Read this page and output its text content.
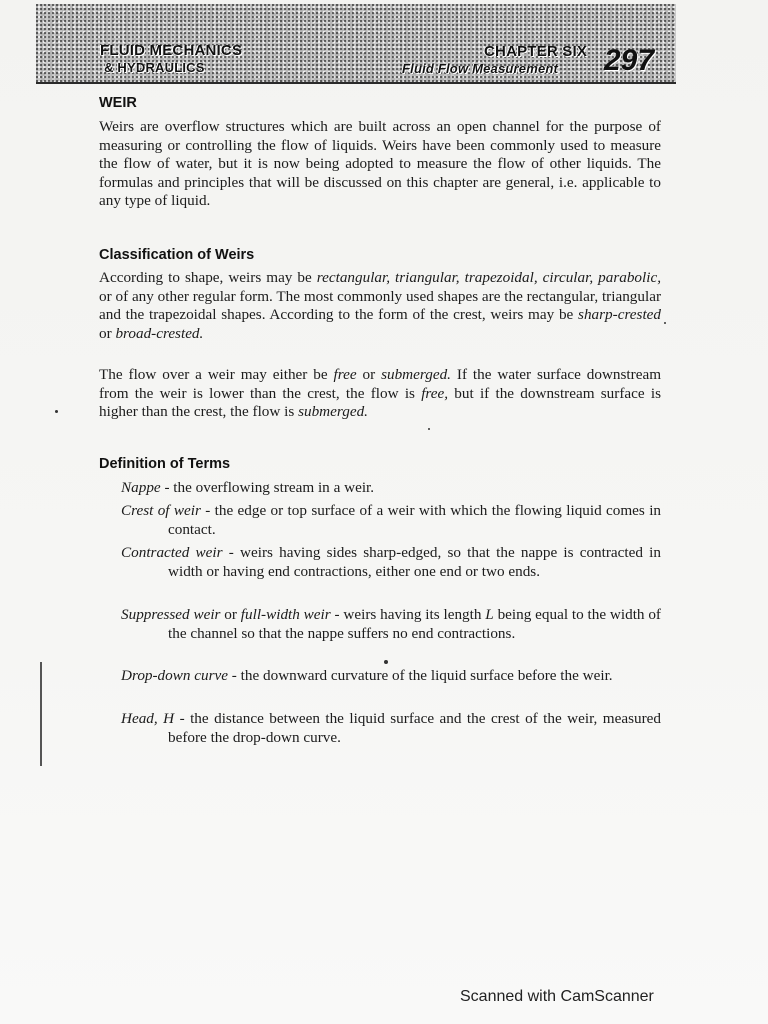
FLUID MECHANICS
& HYDRAULICS
CHAPTER SIX
Fluid Flow Measurement 297
WEIR
Weirs are overflow structures which are built across an open channel for the purpose of measuring or controlling the flow of liquids. Weirs have been commonly used to measure the flow of water, but it is now being adopted to measure the flow of other liquids. The formulas and principles that will be discussed on this chapter are general, i.e. applicable to any type of liquid.
Classification of Weirs
According to shape, weirs may be rectangular, triangular, trapezoidal, circular, parabolic, or of any other regular form. The most commonly used shapes are the rectangular, triangular and the trapezoidal shapes. According to the form of the crest, weirs may be sharp-crested or broad-crested.
The flow over a weir may either be free or submerged. If the water surface downstream from the weir is lower than the crest, the flow is free, but if the downstream surface is higher than the crest, the flow is submerged.
Definition of Terms
Nappe - the overflowing stream in a weir.
Crest of weir - the edge or top surface of a weir with which the flowing liquid comes in contact.
Contracted weir - weirs having sides sharp-edged, so that the nappe is contracted in width or having end contractions, either one end or two ends.
Suppressed weir or full-width weir - weirs having its length L being equal to the width of the channel so that the nappe suffers no end contractions.
Drop-down curve - the downward curvature of the liquid surface before the weir.
Head, H - the distance between the liquid surface and the crest of the weir, measured before the drop-down curve.
Scanned with CamScanner
